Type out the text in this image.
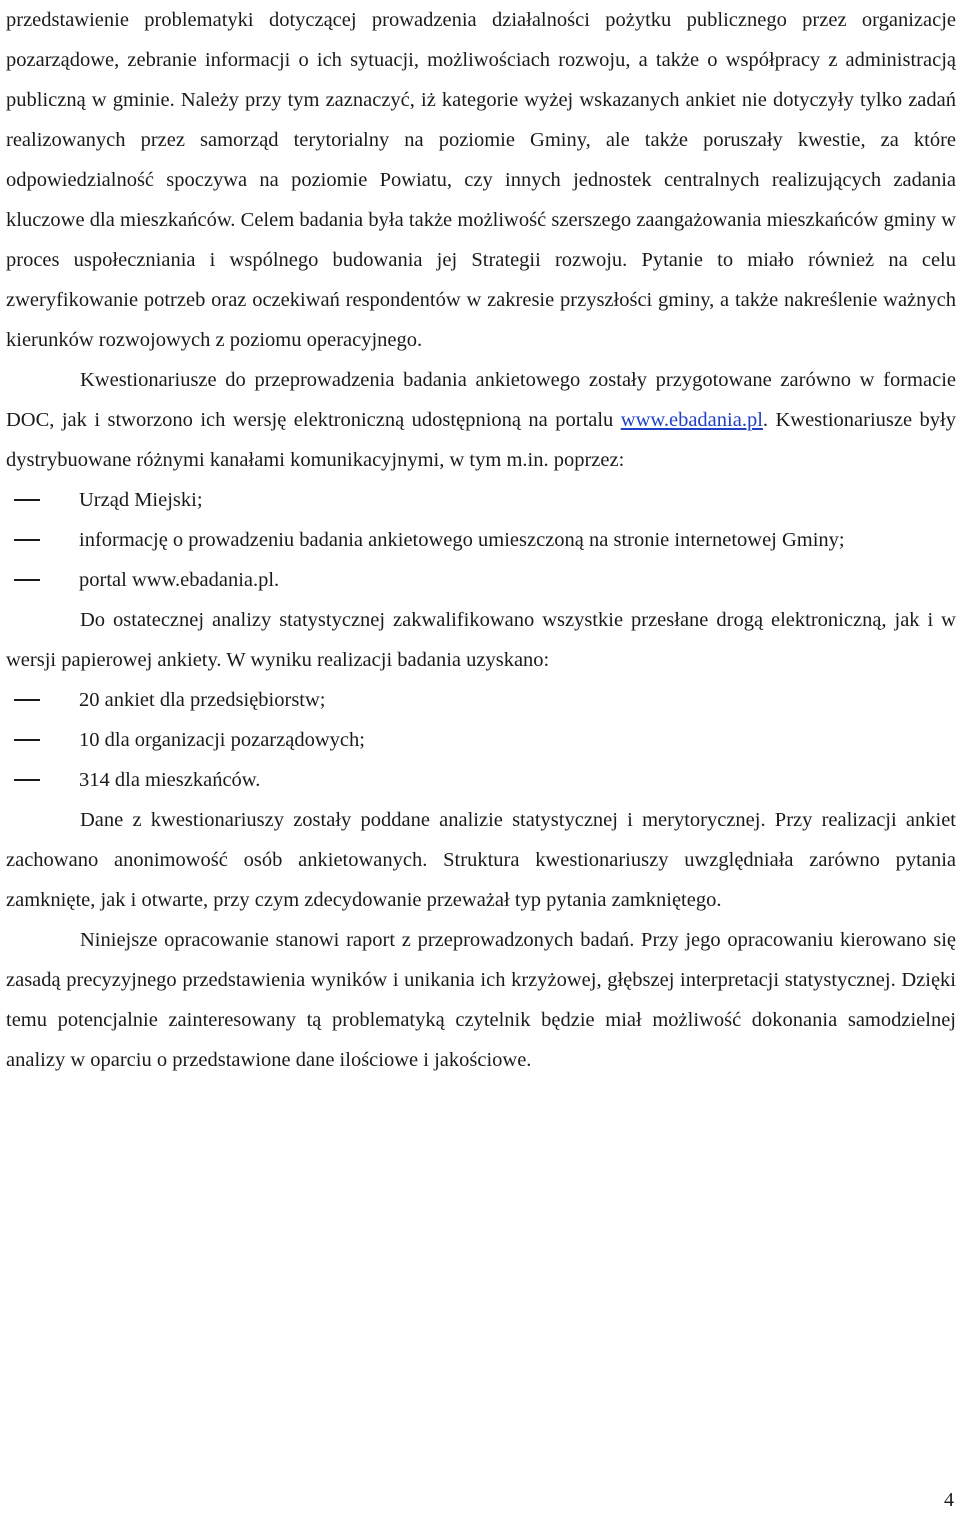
przedstawienie problematyki dotyczącej prowadzenia działalności pożytku publicznego przez organizacje pozarządowe, zebranie informacji o ich sytuacji, możliwościach rozwoju, a także o współpracy z administracją publiczną w gminie. Należy przy tym zaznaczyć, iż kategorie wyżej wskazanych ankiet nie dotyczyły tylko zadań realizowanych przez samorząd terytorialny na poziomie Gminy, ale także poruszały kwestie, za które odpowiedzialność spoczywa na poziomie Powiatu, czy innych jednostek centralnych realizujących zadania kluczowe dla mieszkańców. Celem badania była także możliwość szerszego zaangażowania mieszkańców gminy w proces uspołeczniania i wspólnego budowania jej Strategii rozwoju. Pytanie to miało również na celu zweryfikowanie potrzeb oraz oczekiwań respondentów w zakresie przyszłości gminy, a także nakreślenie ważnych kierunków rozwojowych z poziomu operacyjnego.

Kwestionariusze do przeprowadzenia badania ankietowego zostały przygotowane zarówno w formacie DOC, jak i stworzono ich wersję elektroniczną udostępnioną na portalu www.ebadania.pl. Kwestionariusze były dystrybuowane różnymi kanałami komunikacyjnymi, w tym m.in. poprzez:

Urząd Miejski;
informację o prowadzeniu badania ankietowego umieszczoną na stronie internetowej Gminy;
portal www.ebadania.pl.

Do ostatecznej analizy statystycznej zakwalifikowano wszystkie przesłane drogą elektroniczną, jak i w wersji papierowej ankiety. W wyniku realizacji badania uzyskano:

20 ankiet dla przedsiębiorstw;
10 dla organizacji pozarządowych;
314 dla mieszkańców.

Dane z kwestionariuszy zostały poddane analizie statystycznej i merytorycznej. Przy realizacji ankiet zachowano anonimowość osób ankietowanych. Struktura kwestionariuszy uwzględniała zarówno pytania zamknięte, jak i otwarte, przy czym zdecydowanie przeważał typ pytania zamkniętego.

Niniejsze opracowanie stanowi raport z przeprowadzonych badań. Przy jego opracowaniu kierowano się zasadą precyzyjnego przedstawienia wyników i unikania ich krzyżowej, głębszej interpretacji statystycznej. Dzięki temu potencjalnie zainteresowany tą problematyką czytelnik będzie miał możliwość dokonania samodzielnej analizy w oparciu o przedstawione dane ilościowe i jakościowe.

4
